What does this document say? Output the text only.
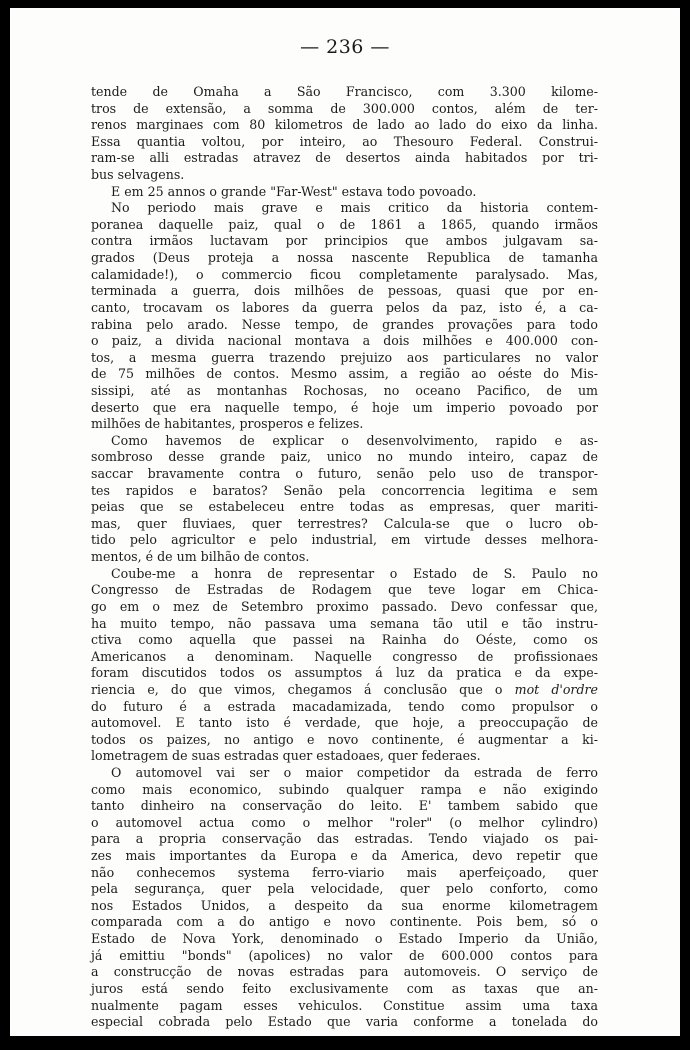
— 236 —
tende de Omaha a São Francisco, com 3.300 kilome-
tros de extensão, a somma de 300.000 contos, além de ter-
renos marginaes com 80 kilometros de lado ao lado do eixo da linha.
Essa quantia voltou, por inteiro, ao Thesouro Federal. Construi-
ram-se alli estradas atravez de desertos ainda habitados por tri-
bus selvagens.
E em 25 annos o grande "Far-West" estava todo povoado.
No periodo mais grave e mais critico da historia contem-
poranea daquelle paiz, qual o de 1861 a 1865, quando irmãos
contra irmãos luctavam por principios que ambos julgavam sa-
grados (Deus proteja a nossa nascente Republica de tamanha
calamidade!), o commercio ficou completamente paralysado. Mas,
terminada a guerra, dois milhões de pessoas, quasi que por en-
canto, trocavam os labores da guerra pelos da paz, isto é, a ca-
rabina pelo arado. Nesse tempo, de grandes provações para todo
o paiz, a divida nacional montava a dois milhões e 400.000 con-
tos, a mesma guerra trazendo prejuizo aos particulares no valor
de 75 milhões de contos. Mesmo assim, a região ao oéste do Mis-
sissipi, até as montanhas Rochosas, no oceano Pacifico, de um
deserto que era naquelle tempo, é hoje um imperio povoado por
milhões de habitantes, prosperos e felizes.
Como havemos de explicar o desenvolvimento, rapido e as-
sombroso desse grande paiz, unico no mundo inteiro, capaz de
saccar bravamente contra o futuro, senão pelo uso de transpor-
tes rapidos e baratos? Senão pela concorrencia legitima e sem
peias que se estabeleceu entre todas as empresas, quer mariti-
mas, quer fluviaes, quer terrestres? Calcula-se que o lucro ob-
tido pelo agricultor e pelo industrial, em virtude desses melhora-
mentos, é de um bilhão de contos.
Coube-me a honra de representar o Estado de S. Paulo no
Congresso de Estradas de Rodagem que teve logar em Chica-
go em o mez de Setembro proximo passado. Devo confessar que,
ha muito tempo, não passava uma semana tão util e tão instru-
ctiva como aquella que passei na Rainha do Oéste, como os
Americanos a denominam. Naquelle congresso de profissionaes
foram discutidos todos os assumptos á luz da pratica e da expe-
riencia e, do que vimos, chegamos á conclusão que o mot d'ordre
do futuro é a estrada macadamizada, tendo como propulsor o
automovel. E tanto isto é verdade, que hoje, a preoccupação de
todos os paizes, no antigo e novo continente, é augmentar a ki-
lometragem de suas estradas quer estadoaes, quer federaes.
O automovel vai ser o maior competidor da estrada de ferro
como mais economico, subindo qualquer rampa e não exigindo
tanto dinheiro na conservação do leito. E' tambem sabido que
o automovel actua como o melhor "roler" (o melhor cylindro)
para a propria conservação das estradas. Tendo viajado os pai-
zes mais importantes da Europa e da America, devo repetir que
não conhecemos systema ferro-viario mais aperfeiçoado, quer
pela segurança, quer pela velocidade, quer pelo conforto, como
nos Estados Unidos, a despeito da sua enorme kilometragem
comparada com a do antigo e novo continente. Pois bem, só o
Estado de Nova York, denominado o Estado Imperio da União,
já emittiu "bonds" (apolices) no valor de 600.000 contos para
a construcção de novas estradas para automoveis. O serviço de
juros está sendo feito exclusivamente com as taxas que an-
nualmente pagam esses vehiculos. Constitue assim uma taxa
especial cobrada pelo Estado que varia conforme a tonelada do
